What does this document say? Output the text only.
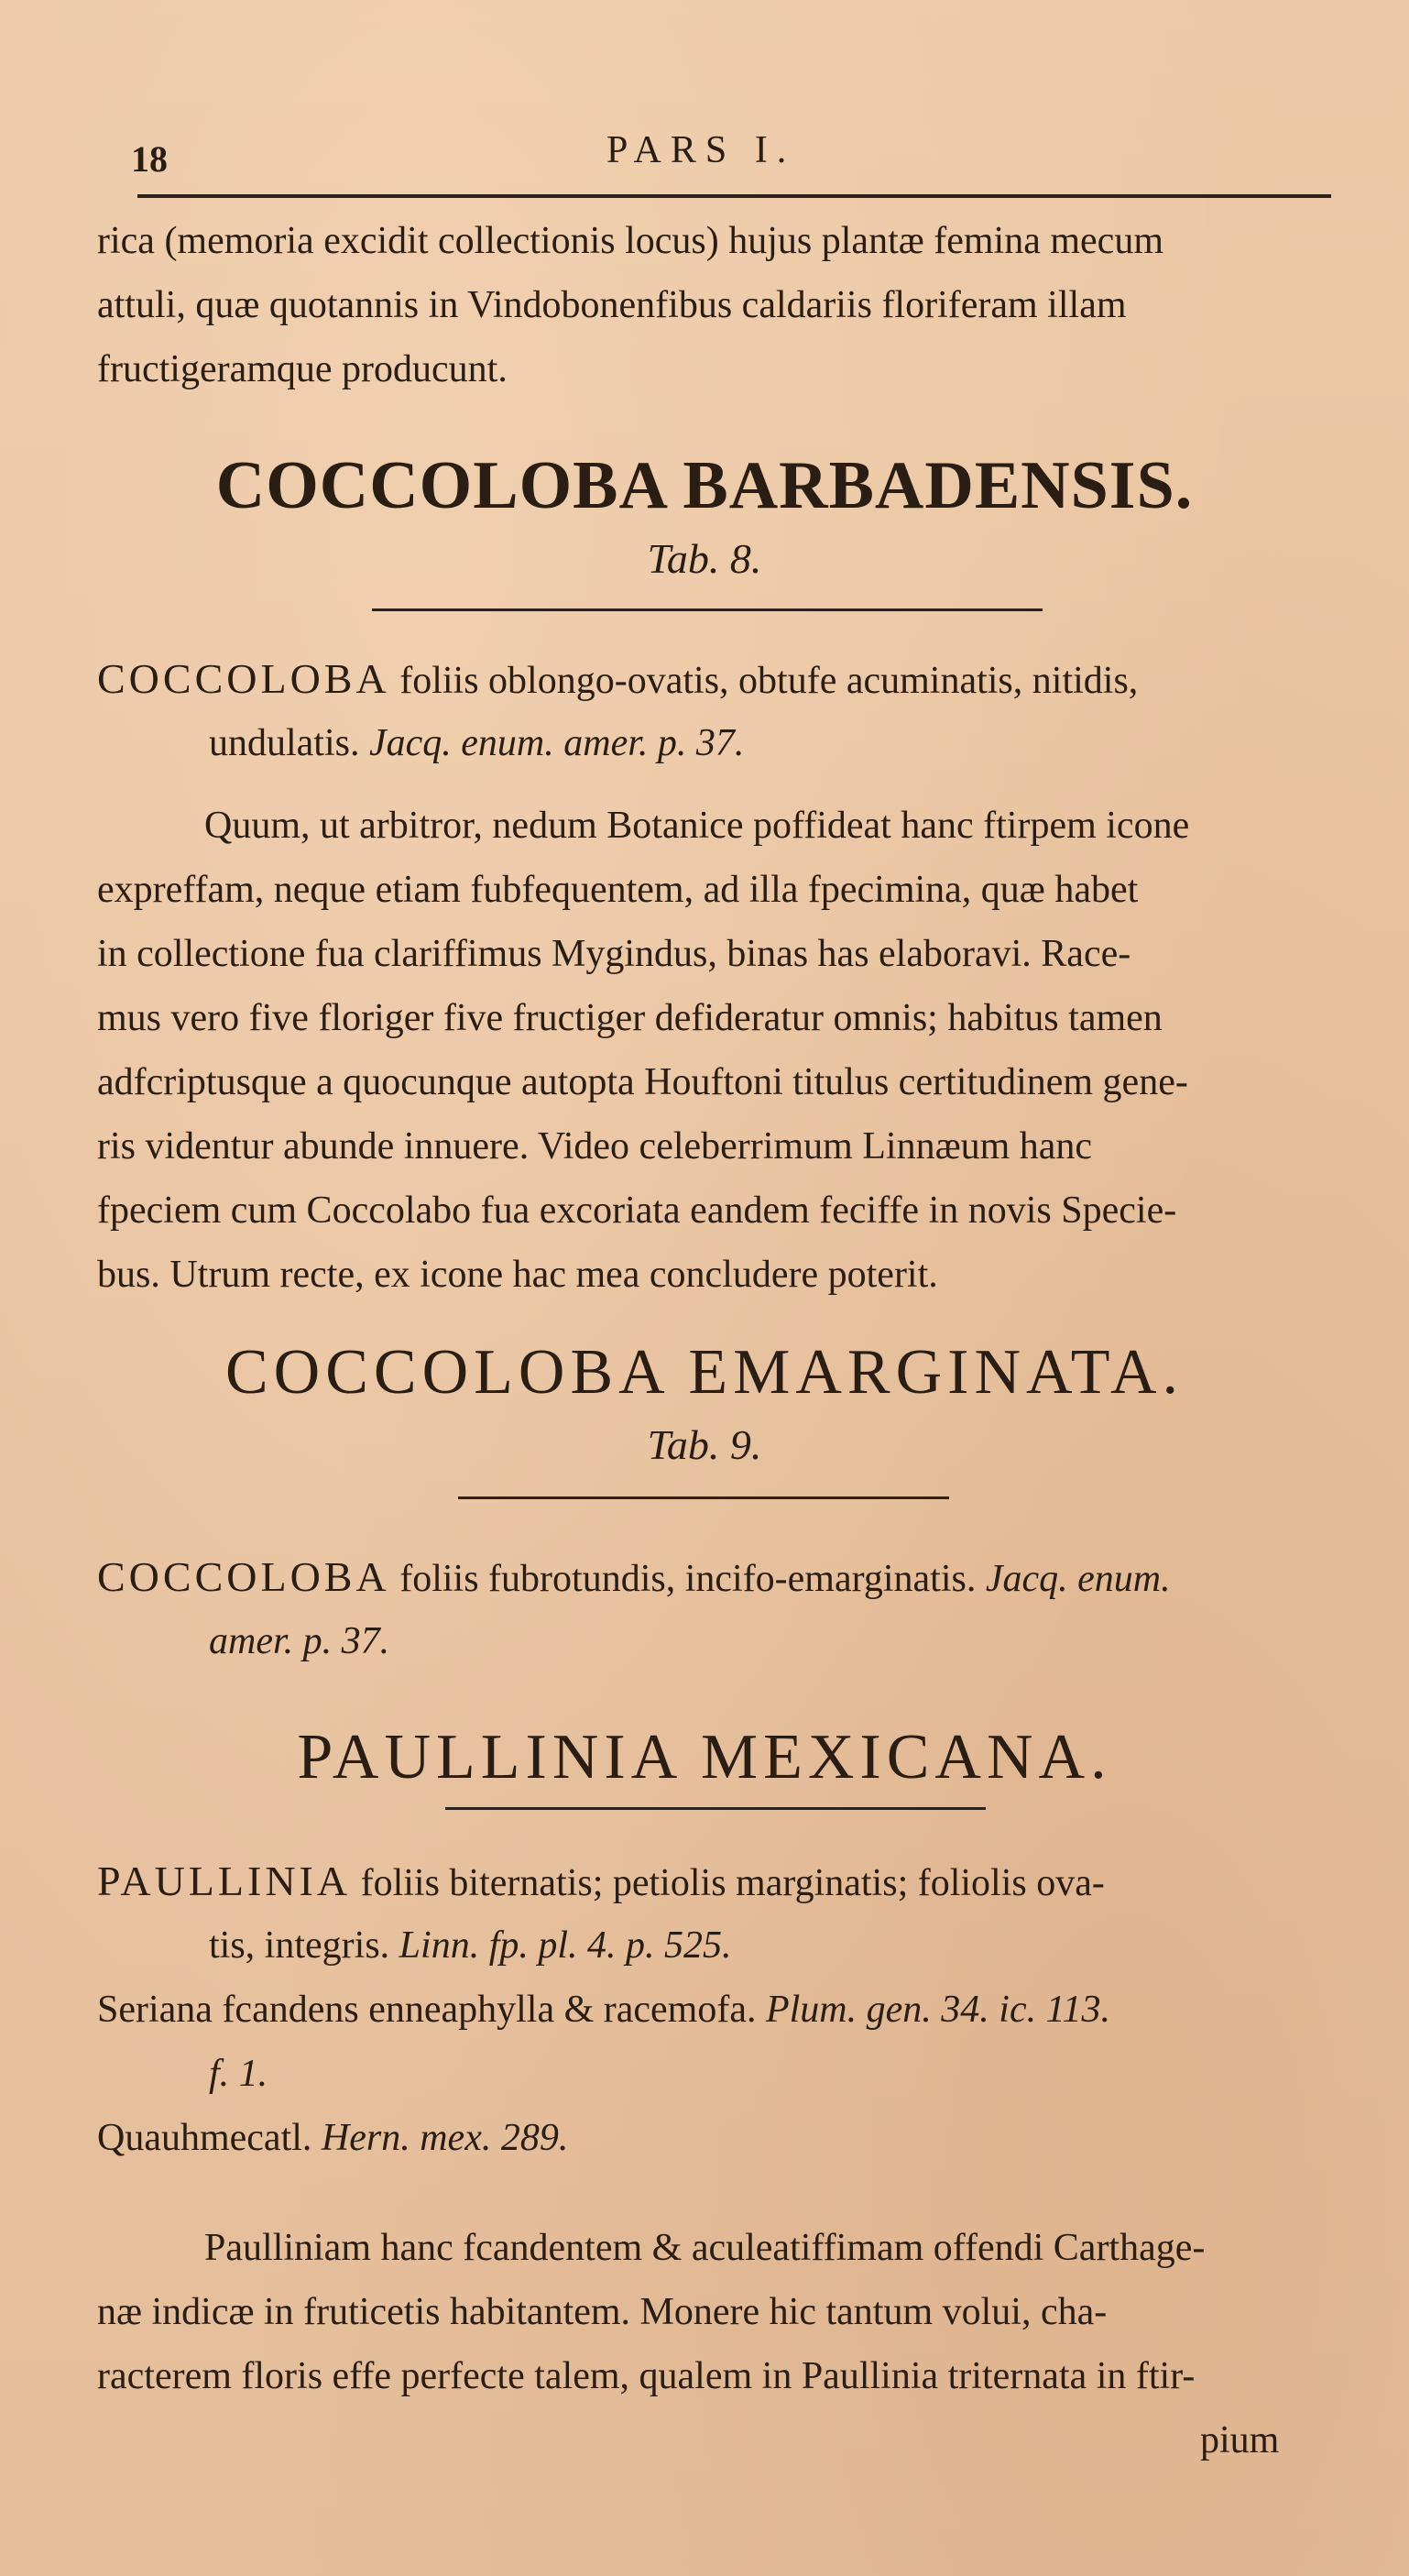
18	PARS I.
rica (memoria excidit collectionis locus) hujus plantæ femina mecum
attuli, quæ quotannis in Vindobonenfibus caldariis floriferam illam
fructigeramque producunt.
COCCOLOBA BARBADENSIS.
Tab. 8.
COCCOLOBA foliis oblongo-ovatis, obtufe acuminatis, nitidis,
undulatis. Jacq. enum. amer. p. 37.
Quum, ut arbitror, nedum Botanice poffideat hanc ftirpem icone
expreffam, neque etiam fubfequentem, ad illa fpecimina, quæ habet
in collectione fua clariffimus Mygindus, binas has elaboravi. Race-
mus vero five floriger five fructiger defideratur omnis; habitus tamen
adfcriptusque a quocunque autopta Houftoni titulus certitudinem gene-
ris videntur abunde innuere. Video celeberrimum Linnæum hanc
fpeciem cum Coccolabo fua excoriata eandem feciffe in novis Specie-
bus. Utrum recte, ex icone hac mea concludere poterit.
COCCOLOBA EMARGINATA.
Tab. 9.
COCCOLOBA foliis fubrotundis, incifo-emarginatis. Jacq. enum.
amer. p. 37.
PAULLINIA MEXICANA.
PAULLINIA foliis biternatis; petiolis marginatis; foliolis ova-
tis, integris. Linn. fp. pl. 4. p. 525.
Seriana fcandens enneaphylla & racemofa. Plum. gen. 34. ic. 113.
f. 1.
Quauhmecatl. Hern. mex. 289.
Paulliniam hanc fcandentem & aculeatiffimam offendi Carthage-
næ indicæ in fruticetis habitantem. Monere hic tantum volui, cha-
racterem floris effe perfecte talem, qualem in Paullinia triternata in ftir-
pium
